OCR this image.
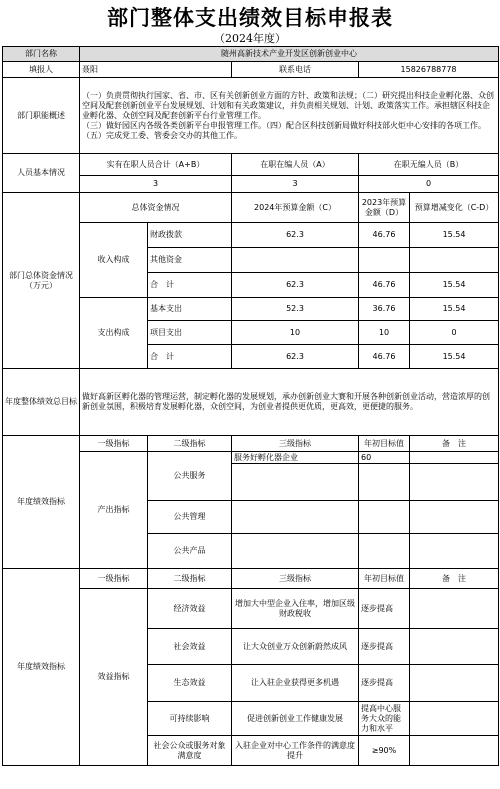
部门整体支出绩效目标申报表
（2024年度）
部门名称	随州高新技术产业开发区创新创业中心				
填报人	聂阳		联系电话	15826788778	
部门职能概述	（一）负责贯彻执行国家、省、市、区有关创新创业方面的方针、政策和法规；（二）研究提出科技企业孵化器、众创空间及配套创新创业平台发展规划、计划和有关政策建议，并负责相关规划、计划、政策落实工作。承担辖区科技企业孵化器、众创空间及配套创新平台行业管理工作。
（三）做好园区内各级各类创新平台申报管理工作。（四）配合区科技创新局做好科技部火炬中心安排的各项工作。（五）完成党工委、管委会交办的其他工作。				

人员基本情况	实有在职人员合计（A+B）		在职在编人员（A）	在职无编人员（B）	
	3		3	0	
部门总体资金情况（万元）	总体资金情况		2024年预算金额（C）	2023年预算金额（D）	预算增减变化（C-D）
	收入构成	财政拨款	62.3	46.76	15.54
		其他资金			
		合　计	62.3	46.76	15.54
	支出构成	基本支出	52.3	36.76	15.54
		项目支出	10	10	0
		合　计	62.3	46.76	15.54
年度整体绩效总目标	做好高新区孵化器的管理运营，制定孵化器的发展规划，承办创新创业大赛和开展各种创新创业活动，营造浓厚的创新创业氛围，积极培育发展孵化器，众创空间，为创业者提供更优质，更高效，更便捷的服务。				
年度绩效指标	一级指标	二级指标	三级指标	年初目标值	备　注
	产出指标	公共服务	服务好孵化器企业	60	

		公共管理			
		公共产品			
年度绩效指标	一级指标	二级指标	三级指标	年初目标值	备　注
	效益指标	经济效益	增加大中型企业入住率，增加区级财政税收	逐步提高	
		社会效益	让大众创业万众创新蔚然成风	逐步提高	
		生态效益	让入驻企业获得更多机遇	逐步提高	
		可持续影响	促进创新创业工作健康发展	提高中心服务大众的能力和水平	
		社会公众或服务对象满意度	入驻企业对中心工作条件的满意度提升	≥90%	
